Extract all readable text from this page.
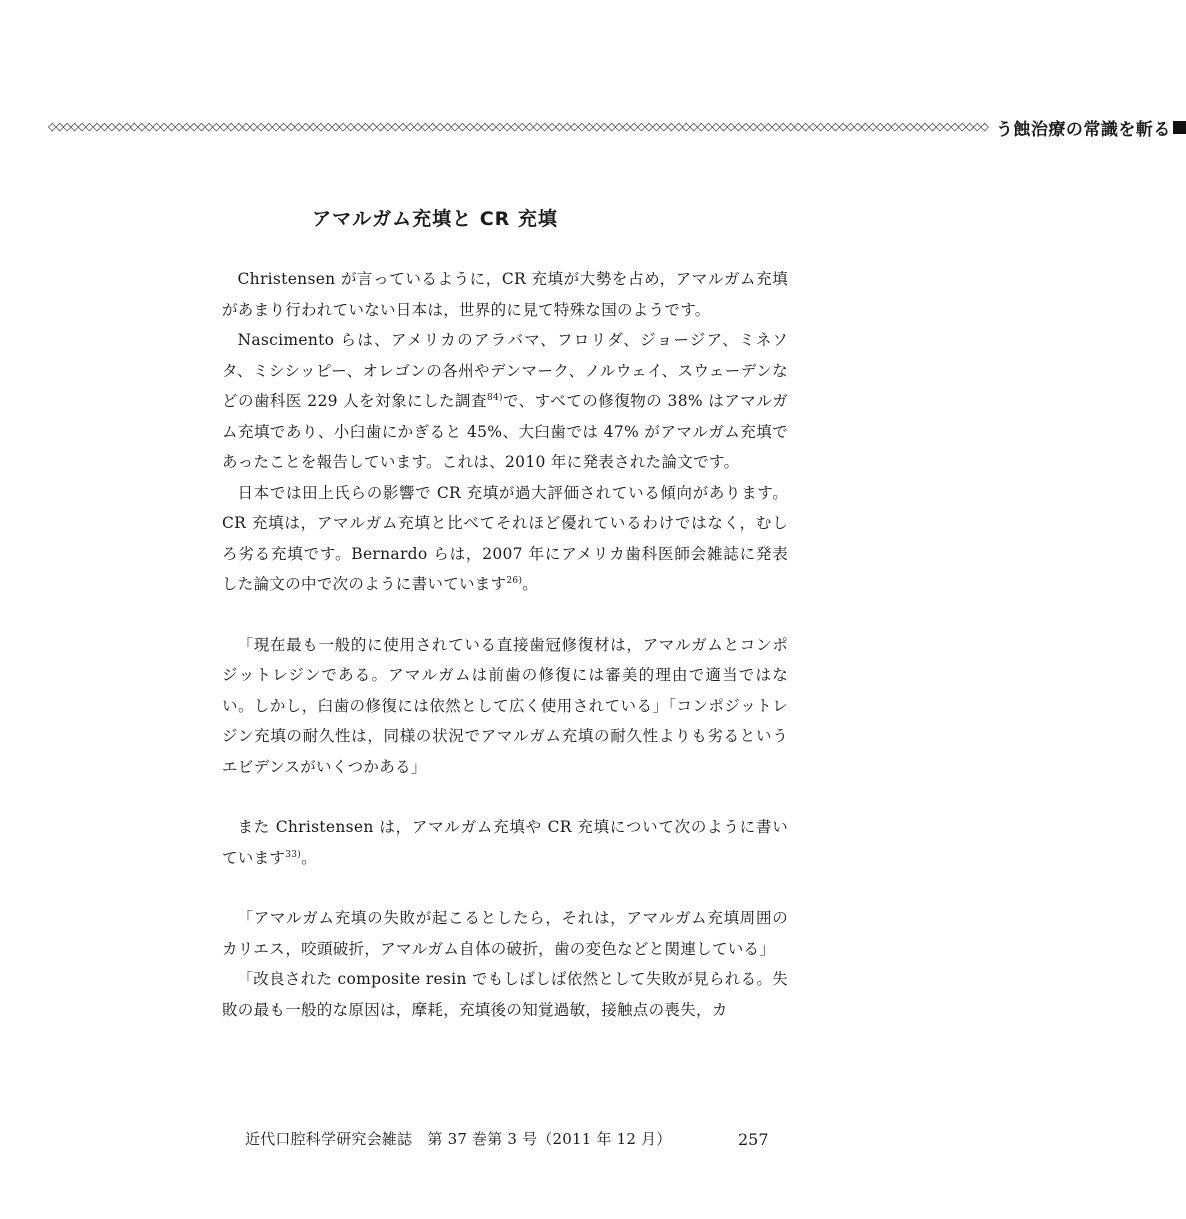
◇◇◇◇◇◇◇◇◇◇◇◇◇◇◇◇◇◇◇◇◇◇◇◇◇◇◇◇◇◇◇◇◇◇◇◇◇◇◇◇◇◇◇◇◇◇◇◇◇◇◇◇◇◇◇◇◇◇◇◇◇◇◇◇◇◇◇◇◇◇◇◇◇◇◇◇◇◇◇◇◇◇◇◇◇◇◇◇◇◇◇◇◇◇◇◇◇◇◇◇◇◇◇◇◇◇◇◇◇◇◇◇◇◇◇◇◇◇◇◇◇◇◇◇◇◇ う蝕治療の常識を斬る
アマルガム充填と CR 充填

Christensen が言っているように，CR 充填が大勢を占め，アマルガム充填があまり行われていない日本は，世界的に見て特殊な国のようです。

Nascimento らは、アメリカのアラバマ、フロリダ、ジョージア、ミネソタ、ミシシッピー、オレゴンの各州やデンマーク、ノルウェイ、スウェーデンなどの歯科医 229 人を対象にした調査$^{84)}$で、すべての修復物の 38% はアマルガム充填であり、小臼歯にかぎると 45%、大臼歯では 47% がアマルガム充填であったことを報告しています。これは、2010 年に発表された論文です。

日本では田上氏らの影響で CR 充填が過大評価されている傾向があります。CR 充填は，アマルガム充填と比べてそれほど優れているわけではなく，むしろ劣る充填です。Bernardo らは，2007 年にアメリカ歯科医師会雑誌に発表した論文の中で次のように書いています$^{26)}$。

「現在最も一般的に使用されている直接歯冠修復材は，アマルガムとコンポジットレジンである。アマルガムは前歯の修復には審美的理由で適当ではない。しかし，臼歯の修復には依然として広く使用されている」「コンポジットレジン充填の耐久性は，同様の状況でアマルガム充填の耐久性よりも劣るというエビデンスがいくつかある」

また Christensen は，アマルガム充填や CR 充填について次のように書いています$^{33)}$。

「アマルガム充填の失敗が起こるとしたら，それは，アマルガム充填周囲のカリエス，咬頭破折，アマルガム自体の破折，歯の変色などと関連している」

「改良された composite resin でもしばしば依然として失敗が見られる。失敗の最も一般的な原因は，摩耗，充填後の知覚過敏，接触点の喪失，カ

近代口腔科学研究会雑誌　第 37 巻第 3 号（2011 年 12 月）	257
